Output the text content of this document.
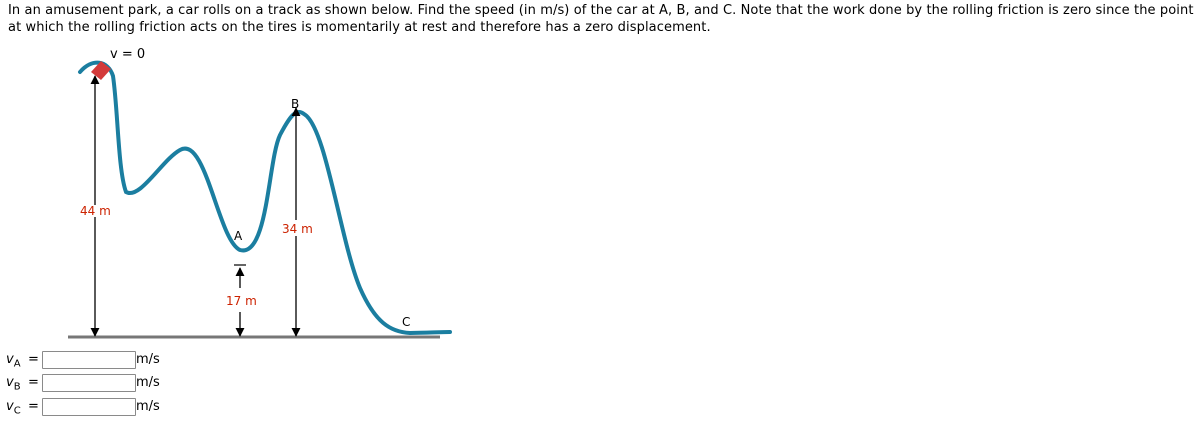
In an amusement park, a car rolls on a track as shown below. Find the speed (in m/s) of the car at A, B, and C. Note that the work done by the rolling friction is zero since the point at which the rolling friction acts on the tires is momentarily at rest and therefore has a zero displacement.
44 m
34 m
17 m
v = 0
A
B
C
$v_A$ =	m/s
$v_B$ =	m/s
$v_C$ =	m/s
